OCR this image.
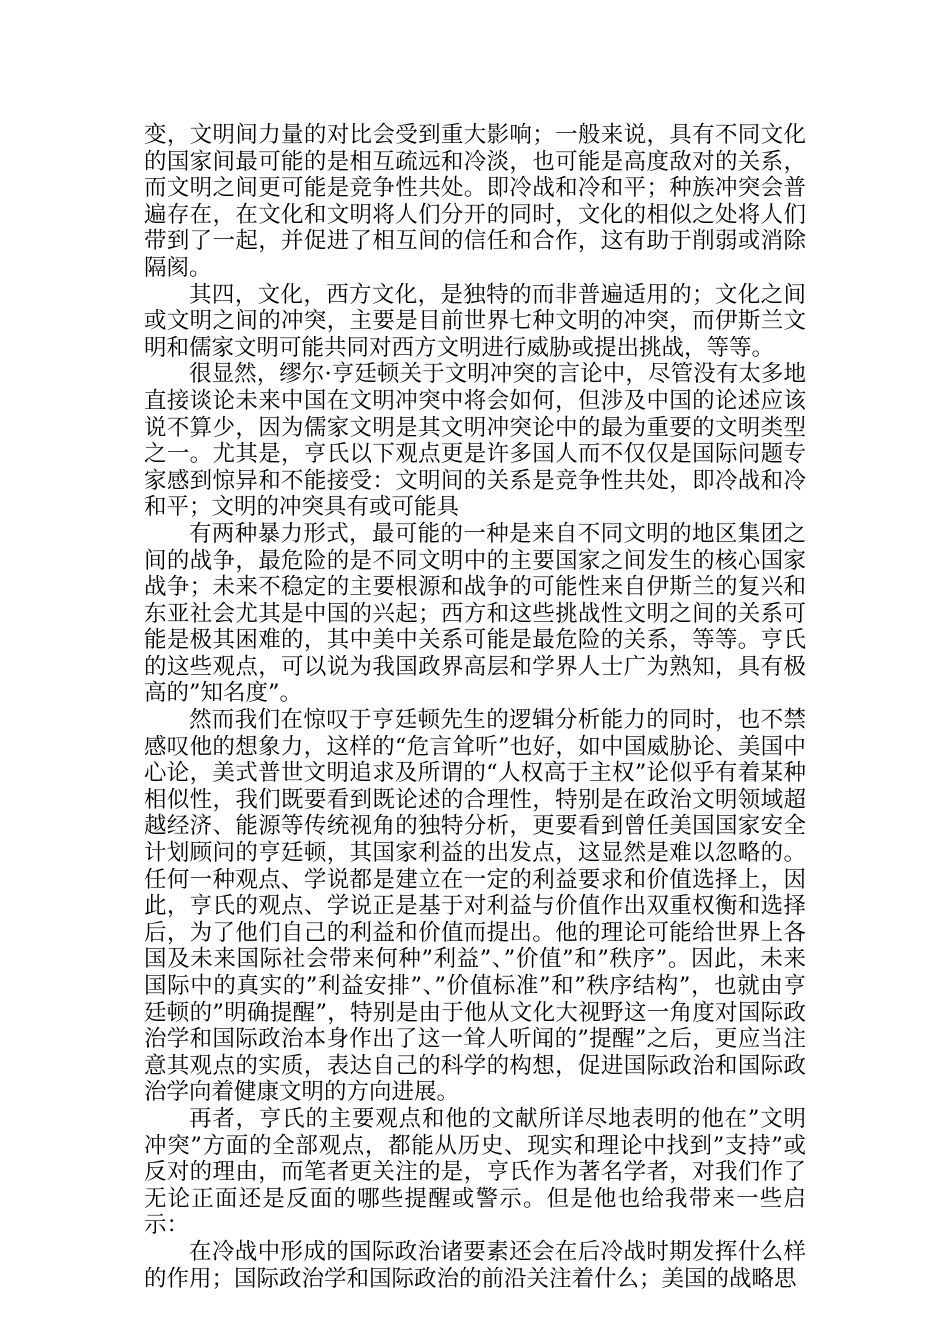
变，文明间力量的对比会受到重大影响；一般来说，具有不同文化的国家间最可能的是相互疏远和冷淡，也可能是高度敌对的关系，而文明之间更可能是竞争性共处。即冷战和冷和平；种族冲突会普遍存在，在文化和文明将人们分开的同时，文化的相似之处将人们带到了一起，并促进了相互间的信任和合作，这有助于削弱或消除隔阂。

其四，文化，西方文化，是独特的而非普遍适用的；文化之间或文明之间的冲突，主要是目前世界七种文明的冲突，而伊斯兰文明和儒家文明可能共同对西方文明进行威胁或提出挑战，等等。

很显然，缪尔·亨廷顿关于文明冲突的言论中，尽管没有太多地直接谈论未来中国在文明冲突中将会如何，但涉及中国的论述应该说不算少，因为儒家文明是其文明冲突论中的最为重要的文明类型之一。尤其是，亨氏以下观点更是许多国人而不仅仅是国际问题专家感到惊异和不能接受：文明间的关系是竞争性共处，即冷战和冷和平；文明的冲突具有或可能具

有两种暴力形式，最可能的一种是来自不同文明的地区集团之间的战争，最危险的是不同文明中的主要国家之间发生的核心国家战争；未来不稳定的主要根源和战争的可能性来自伊斯兰的复兴和东亚社会尤其是中国的兴起；西方和这些挑战性文明之间的关系可能是极其困难的，其中美中关系可能是最危险的关系，等等。亨氏的这些观点，可以说为我国政界高层和学界人士广为熟知，具有极高的”知名度”。

然而我们在惊叹于亨廷顿先生的逻辑分析能力的同时，也不禁感叹他的想象力，这样的“危言耸听”也好，如中国威胁论、美国中心论，美式普世文明追求及所谓的“人权高于主权”论似乎有着某种相似性，我们既要看到既论述的合理性，特别是在政治文明领域超越经济、能源等传统视角的独特分析，更要看到曾任美国国家安全计划顾问的亨廷顿，其国家利益的出发点，这显然是难以忽略的。任何一种观点、学说都是建立在一定的利益要求和价值选择上，因此，亨氏的观点、学说正是基于对利益与价值作出双重权衡和选择后，为了他们自己的利益和价值而提出。他的理论可能给世界上各国及未来国际社会带来何种”利益”、”价值”和”秩序”。因此，未来国际中的真实的”利益安排”、”价值标准”和”秩序结构”，也就由亨廷顿的”明确提醒”，特别是由于他从文化大视野这一角度对国际政治学和国际政治本身作出了这一耸人听闻的”提醒”之后，更应当注意其观点的实质，表达自己的科学的构想，促进国际政治和国际政治学向着健康文明的方向进展。

再者，亨氏的主要观点和他的文献所详尽地表明的他在”文明冲突”方面的全部观点，都能从历史、现实和理论中找到”支持”或反对的理由，而笔者更关注的是，亨氏作为著名学者，对我们作了无论正面还是反面的哪些提醒或警示。但是他也给我带来一些启示：

在冷战中形成的国际政治诸要素还会在后冷战时期发挥什么样的作用；国际政治学和国际政治的前沿关注着什么；美国的战略思
